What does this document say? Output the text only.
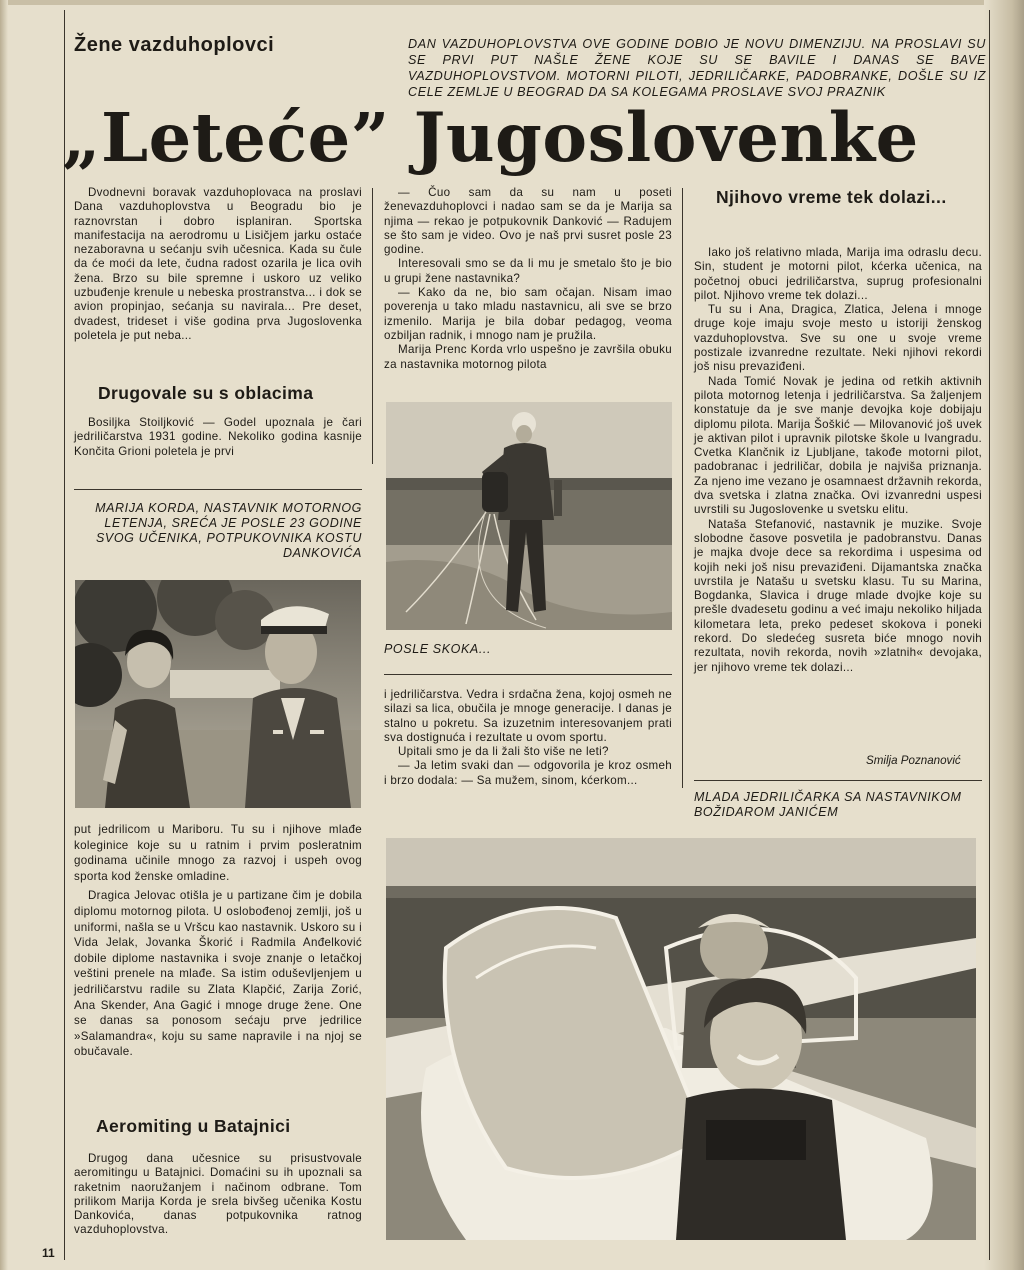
Žene vazduhoplovci	DAN VAZDUHOPLOVSTVA OVE GODINE DOBIO JE NOVU DIMENZIJU. NA PROSLAVI SU SE PRVI PUT NAŠLE ŽENE KOJE SU SE BAVILE I DANAS SE BAVE VAZDUHOPLOVSTVOM. MOTORNI PILOTI, JEDRILIČARKE, PADOBRANKE, DOŠLE SU IZ CELE ZEMLJE U BEOGRAD DA SA KOLEGAMA PROSLAVE SVOJ PRAZNIK
„Leteće” Jugoslovenke

Dvodnevni boravak vazduhoplovaca na proslavi Dana vazduhoplovstva u Beogradu bio je raznovrstan i dobro isplaniran. Sportska manifestacija na aerodromu u Lisičjem jarku ostaće nezaboravna u sećanju svih učesnica. Kada su čule da će moći da lete, čudna radost ozarila je lica ovih žena. Brzo su bile spremne i uskoro uz veliko uzbuđenje krenule u nebeska prostranstva... i dok se avion propinjao, sećanja su navirala... Pre deset, dvadest, trideset i više godina prva Jugoslovenka poletela je put neba...

Drugovale su s oblacima

Bosiljka Stoiljković — Godel upoznala je čari jedriličarstva 1931 godine. Nekoliko godina kasnije Končita Grioni poletela je prvi

MARIJA KORDA, NASTAVNIK MOTORNOG LETENJA, SREĆA JE POSLE 23 GODINE SVOG UČENIKA, POTPUKOVNIKA KOSTU DANKOVIĆA

put jedrilicom u Mariboru. Tu su i njihove mlađe koleginice koje su u ratnim i prvim posleratnim godinama učinile mnogo za razvoj i uspeh ovog sporta kod ženske omladine.

Dragica Jelovac otišla je u partizane čim je dobila diplomu motornog pilota. U oslobođenoj zemlji, još u uniformi, našla se u Vršcu kao nastavnik. Uskoro su i Vida Jelak, Jovanka Škorić i Radmila Anđelković dobile diplome nastavnika i svoje znanje o letačkoj veštini prenele na mlađe. Sa istim oduševljenjem u jedriličarstvu radile su Zlata Klapčić, Zarija Zorić, Ana Skender, Ana Gagić i mnoge druge žene. One se danas sa ponosom sećaju prve jedrilice »Salamandra«, koju su same napravile i na njoj se obučavale.

Aeromiting u Batajnici

Drugog dana učesnice su prisustvovale aeromitingu u Batajnici. Domaćini su ih upoznali sa raketnim naoružanjem i načinom odbrane. Tom prilikom Marija Korda je srela bivšeg učenika Kostu Dankovića, danas potpukovnika ratnog vazduhoplovstva.

— Čuo sam da su nam u poseti ženevazduhoplovci i nadao sam se da je Marija sa njima — rekao je potpukovnik Danković — Radujem se što sam je video. Ovo je naš prvi susret posle 23 godine.

Interesovali smo se da li mu je smetalo što je bio u grupi žene nastavnika?

— Kako da ne, bio sam očajan. Nisam imao poverenja u tako mladu nastavnicu, ali sve se brzo izmenilo. Marija je bila dobar pedagog, veoma ozbiljan radnik, i mnogo nam je pružila.

Marija Prenc Korda vrlo uspešno je završila obuku za nastavnika motornog pilota

POSLE SKOKA...

i jedriličarstva. Vedra i srdačna žena, kojoj osmeh ne silazi sa lica, obučila je mnoge generacije. I danas je stalno u pokretu. Sa izuzetnim interesovanjem prati sva dostignuća i rezultate u ovom sportu.

Upitali smo je da li žali što više ne leti?

— Ja letim svaki dan — odgovorila je kroz osmeh i brzo dodala: — Sa mužem, sinom, kćerkom...

Njihovo vreme tek dolazi...

Iako još relativno mlada, Marija ima odraslu decu. Sin, student je motorni pilot, kćerka učenica, na početnoj obuci jedriličarstva, suprug profesionalni pilot. Njihovo vreme tek dolazi...

Tu su i Ana, Dragica, Zlatica, Jelena i mnoge druge koje imaju svoje mesto u istoriji ženskog vazduhoplovstva. Sve su one u svoje vreme postizale izvanredne rezultate. Neki njihovi rekordi još nisu prevaziđeni.

Nada Tomić Novak je jedina od retkih aktivnih pilota motornog letenja i jedriličarstva. Sa žaljenjem konstatuje da je sve manje devojka koje dobijaju diplomu pilota. Marija Šoškić — Milovanović još uvek je aktivan pilot i upravnik pilotske škole u Ivangradu. Cvetka Klančnik iz Ljubljane, takođe motorni pilot, padobranac i jedriličar, dobila je najviša priznanja. Za njeno ime vezano je osamnaest državnih rekorda, dva svetska i zlatna značka. Ovi izvanredni uspesi uvrstili su Jugoslovenke u svetsku elitu.

Nataša Stefanović, nastavnik je muzike. Svoje slobodne časove posvetila je padobranstvu. Danas je majka dvoje dece sa rekordima i uspesima od kojih neki još nisu prevaziđeni. Dijamantska značka uvrstila je Natašu u svetsku klasu. Tu su Marina, Bogdanka, Slavica i druge mlade dvojke koje su prešle dvadesetu godinu a već imaju nekoliko hiljada kilometara leta, preko pedeset skokova i poneki rekord. Do sledećeg susreta biće mnogo novih rezultata, novih rekorda, novih »zlatnih« devojaka, jer njihovo vreme tek dolazi...

Smilja Poznanović
MLADA JEDRILIČARKA SA NASTAVNIKOM BOŽIDAROM JANIĆEM
11
